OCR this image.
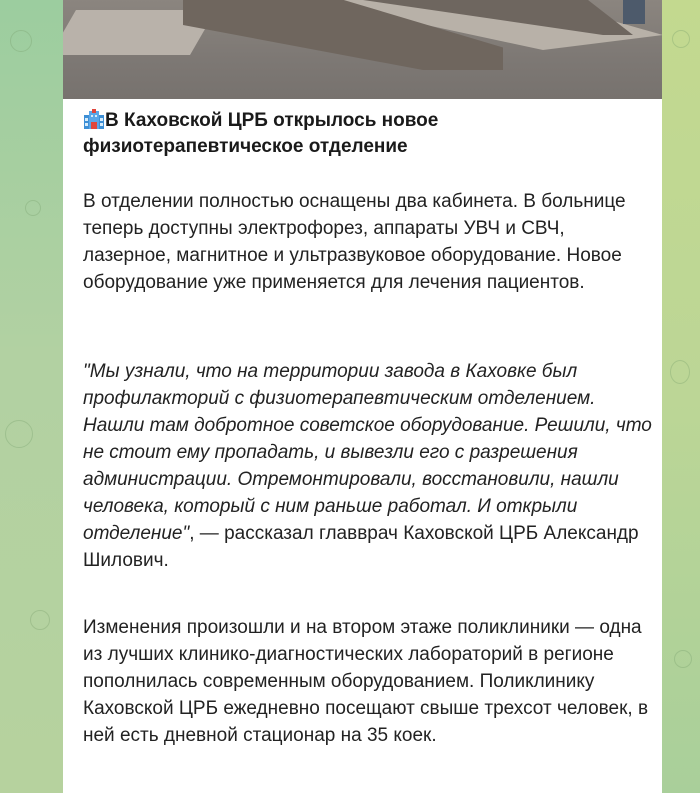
В Каховской ЦРБ открылось новое физиотерапевтическое отделение

В отделении полностью оснащены два кабинета. В больнице теперь доступны электрофорез, аппараты УВЧ и СВЧ, лазерное, магнитное и ультразвуковое оборудование. Новое оборудование уже применяется для лечения пациентов.

"Мы узнали, что на территории завода в Каховке был профилакторий с физиотерапевтическим отделением. Нашли там добротное советское оборудование. Решили, что не стоит ему пропадать, и вывезли его с разрешения администрации. Отремонтировали, восстановили, нашли человека, который с ним раньше работал. И открыли отделение", — рассказал главврач Каховской ЦРБ Александр Шилович.

Изменения произошли и на втором этаже поликлиники — одна из лучших клинико-диагностических лабораторий в регионе пополнилась современным оборудованием. Поликлинику Каховской ЦРБ ежедневно посещают свыше трехсот человек, в ней есть дневной стационар на 35 коек.
